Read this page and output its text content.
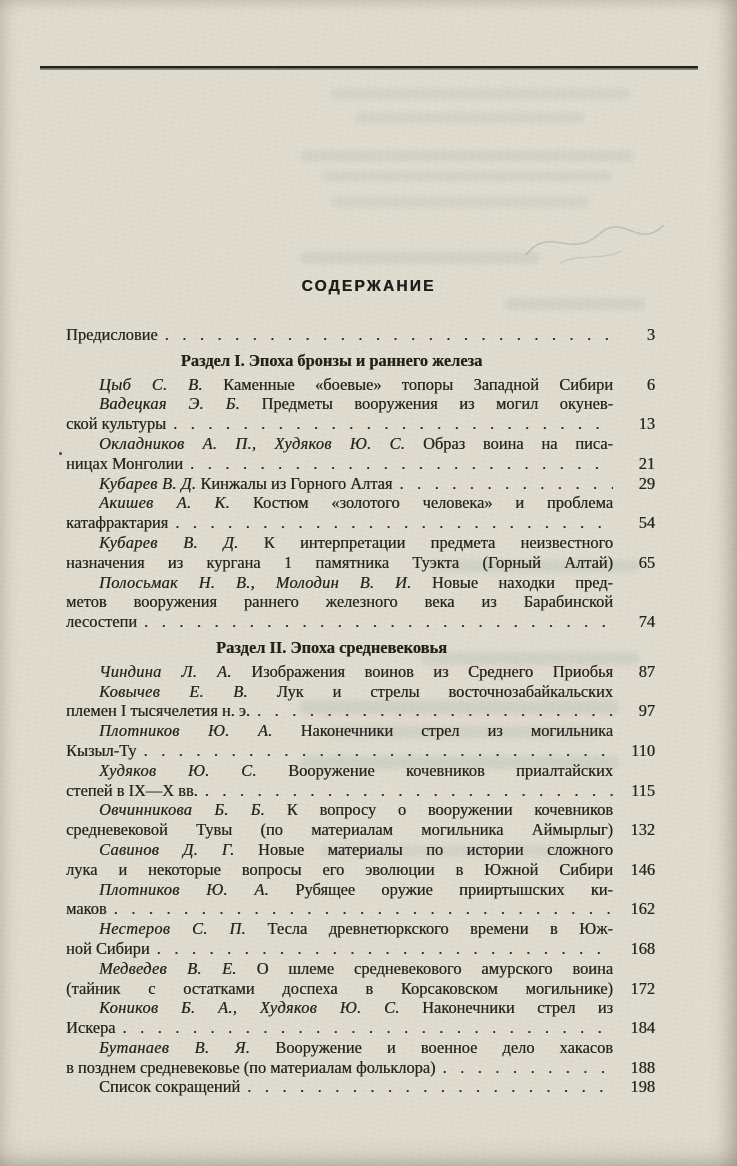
СОДЕРЖАНИЕ
Предисловие .....	3
Раздел I. Эпоха бронзы и раннего железа
Цыб С. В. Каменные «боевые» топоры Западной Сибири 6
Вадецкая Э. Б. Предметы вооружения из могил окунев-
ской культуры .....	13
Окладников А. П., Худяков Ю. С. Образ воина на писа-
ницах Монголии .....	21
Кубарев В. Д. Кинжалы из Горного Алтая .....	29
Акишев А. К. Костюм «золотого человека» и проблема
катафрактария .....	54
Кубарев В. Д. К интерпретации предмета неизвестного
назначения из кургана 1 памятника Туэкта (Горный Алтай) 65
Полосьмак Н. В., Молодин В. И. Новые находки пред-
метов вооружения раннего железного века из Барабинской
лесостепи .....	74
Раздел II. Эпоха средневековья
Чиндина Л. А. Изображения воинов из Среднего Приобья 87
Ковычев Е. В. Лук и стрелы восточнозабайкальских
племен I тысячелетия н. э. .....	97
Плотников Ю. А. Наконечники стрел из могильника
Кызыл-Ту .....	110
Худяков Ю. С. Вооружение кочевников приалтайских
степей в IX—X вв. .....	115
Овчинникова Б. Б. К вопросу о вооружении кочевников
средневековой Тувы (по материалам могильника Аймырлыг) 132
Савинов Д. Г. Новые материалы по истории сложного
лука и некоторые вопросы его эволюции в Южной Сибири 146
Плотников Ю. А. Рубящее оружие прииртышских ки-
маков .....	162
Нестеров С. П. Тесла древнетюркского времени в Юж-
ной Сибири .....	168
Медведев В. Е. О шлеме средневекового амурского воина
(тайник с остатками доспеха в Корсаковском могильнике) 172
Коников Б. А., Худяков Ю. С. Наконечники стрел из
Искера .....	184
Бутанаев В. Я. Вооружение и военное дело хакасов
в позднем средневековье (по материалам фольклора) .....	188
Список сокращений .....	198
